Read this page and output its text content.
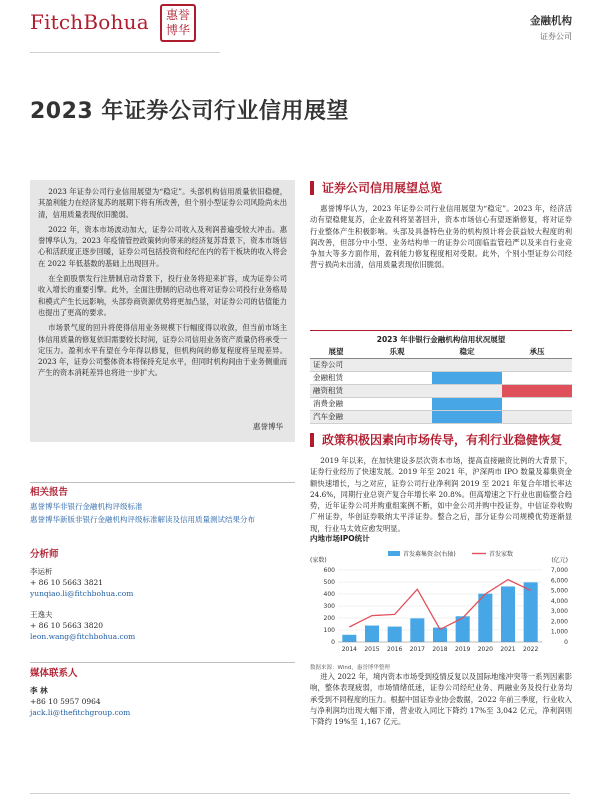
FitchBohua	惠誉博华
金融机构
证券公司
2023 年证券公司行业信用展望

2023 年证券公司行业信用展望为“稳定”。头部机构信用质量依旧稳健，其盈利能力在经济复苏的展期下将有所改善，但个别小型证券公司风险尚未出清，信用质量表现依旧脆弱。

2022 年，资本市场波动加大，证券公司收入及利润普遍受较大冲击。惠誉博华认为，2023 年疫情管控政策转向带来的经济复苏背景下，资本市场信心和活跃度正逐步回暖，证券公司包括投资和经纪在内的若干板块的收入将会在 2022 年低基数的基础上出现回升。

在全面股票发行注册制启动背景下，投行业务将迎来扩容，成为证券公司收入增长的重要引擎。此外，全面注册制的启动也将对证券公司投行业务格局和模式产生长远影响，头部券商资源优势将更加凸显，对证券公司的估值能力也提出了更高的要求。

市场景气度的回升将使得信用业务规模下行幅度得以收敛，但当前市场主体信用质量的修复依旧需要较长时间，证券公司信用业务资产质量仍将承受一定压力。盈利水平有望在今年得以修复，但机构间的修复程度将呈现差异。2023 年，证券公司整体资本将保持充足水平，但同时机构间由于业务侧重而产生的资本消耗差异也将进一步扩大。

惠誉博华
相关报告
惠誉博华非银行金融机构评级标准
惠誉博华新版非银行金融机构评级标准解读及信用质量测试结果分布
分析师
李运析
+ 86 10 5663 3821
yunqiao.li@fitchbohua.com
王逸夫
+ 86 10 5663 3820
leon.wang@fitchbohua.com
媒体联系人
李 林
+86 10 5957 0964
jack.li@thefitchgroup.com
证券公司信用展望总览

惠誉博华认为，2023 年证券公司行业信用展望为“稳定”。2023 年，经济活动有望稳健复苏，企业盈利将显著回升，资本市场信心有望逐渐修复，将对证券行业整体产生积极影响。头部及具备特色业务的机构预计将会获益较大程度的利润改善，但部分中小型、业务结构单一的证券公司面临监管趋严以及来自行业竞争加大等多方面作用，盈利能力修复程度相对受限。此外，个别小型证券公司经营亏损尚未出清，信用质量表现依旧脆弱。

2023 年非银行金融机构信用状况展望
展望	乐观	稳定	承压
证券公司			
金融租赁			
融资租赁			
消费金融			
汽车金融			
政策积极因素向市场传导，有利行业稳健恢复

2019 年以来，在加快建设多层次资本市场，提高直接融资比例的大背景下，证券行业经历了快速发展。2019 年至 2021 年，沪深两市 IPO 数量及募集资金额快速增长，与之对应，证券公司行业净利润 2019 至 2021 年复合年增长率达 24.6%，同期行业总资产复合年增长率 20.8%。但高增速之下行业也面临整合趋势，近年证券公司并购重组案例不断，如中金公司并购中投证券，中信证券收购广州证券，华创证券吸纳太平洋证券。整合之后，部分证券公司规模优势逐渐显现，行业马太效应愈发明显。

内地市场IPO统计
0
100
200
300
400
500
600
0
1,000
2,000
3,000
4,000
5,000
6,000
7,000
(家数)	(亿元)
首发募集资金(右轴)	首发家数
2014 2015 2016 2017 2018 2019 2020 2021 2022
数据来源：Wind，惠誉博华整理

进入 2022 年，境内资本市场受到疫情反复以及国际地缘冲突等一系列因素影响，整体表现疲弱，市场情绪低迷，证券公司经纪业务、两融业务及投行业务均承受到不同程度的压力。根据中国证券业协会数据，2022 年前三季度，行业收入与净利润均出现大幅下滑，营业收入同比下降约 17%至 3,042 亿元，净利润则下降约 19%至 1,167 亿元。
